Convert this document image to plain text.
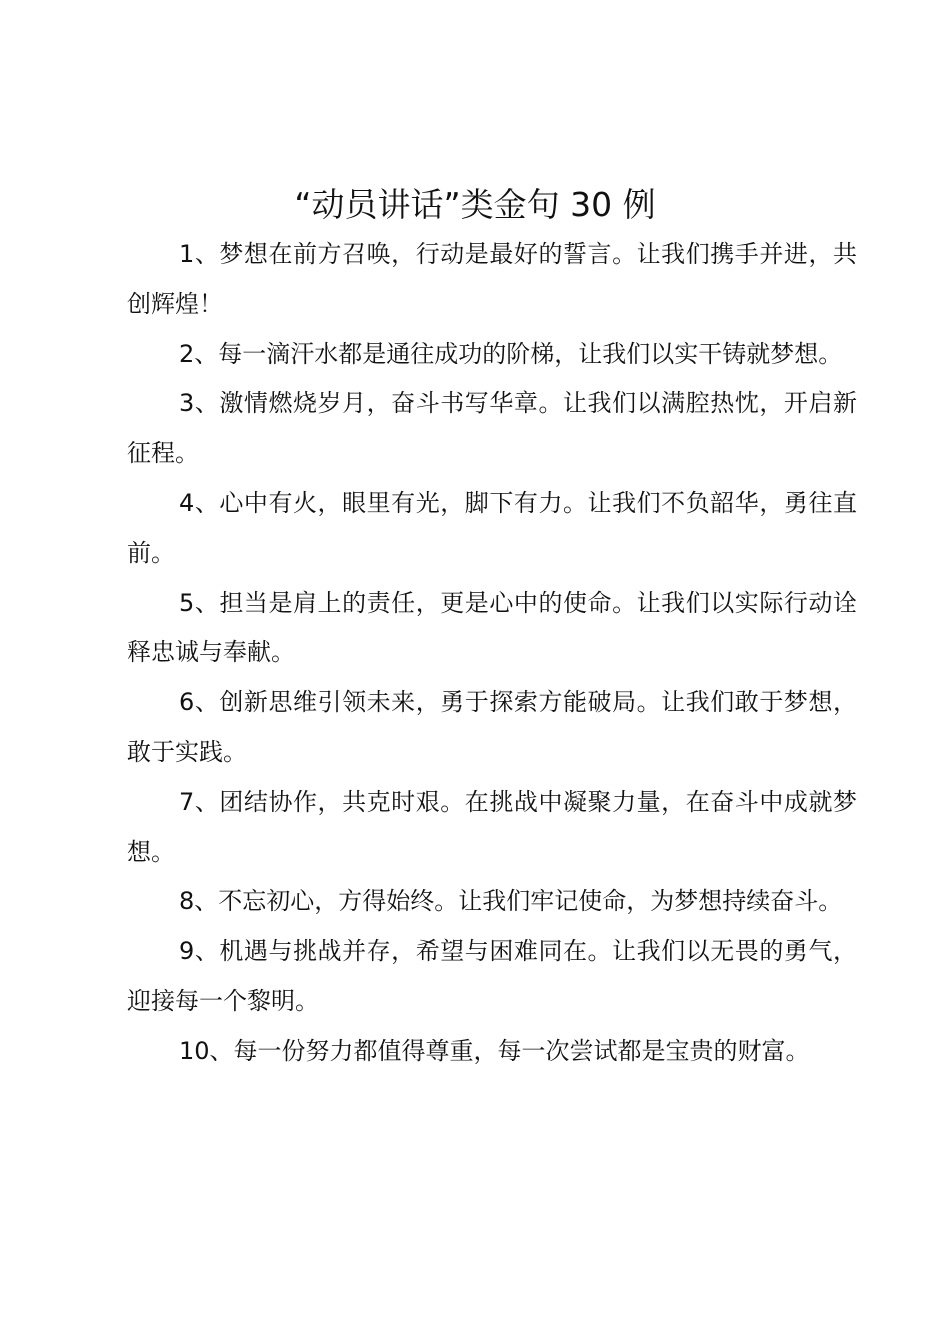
“动员讲话”类金句 30 例

1、梦想在前方召唤，行动是最好的誓言。让我们携手并进，共创辉煌！

2、每一滴汗水都是通往成功的阶梯，让我们以实干铸就梦想。

3、激情燃烧岁月，奋斗书写华章。让我们以满腔热忱，开启新征程。

4、心中有火，眼里有光，脚下有力。让我们不负韶华，勇往直前。

5、担当是肩上的责任，更是心中的使命。让我们以实际行动诠释忠诚与奉献。

6、创新思维引领未来，勇于探索方能破局。让我们敢于梦想，敢于实践。

7、团结协作，共克时艰。在挑战中凝聚力量，在奋斗中成就梦想。

8、不忘初心，方得始终。让我们牢记使命，为梦想持续奋斗。

9、机遇与挑战并存，希望与困难同在。让我们以无畏的勇气，迎接每一个黎明。

10、每一份努力都值得尊重，每一次尝试都是宝贵的财富。
